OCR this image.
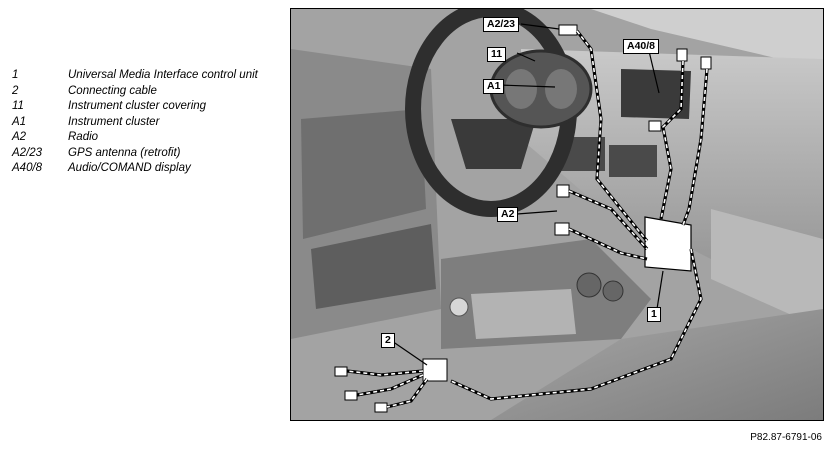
1	Universal Media Interface control unit
2	Connecting cable
11	Instrument cluster covering
A1	Instrument cluster
A2	Radio
A2/23	GPS antenna (retrofit)
A40/8	Audio/COMAND display
A2/23
11
A1
A40/8
A2
1
2
P82.87-6791-06
